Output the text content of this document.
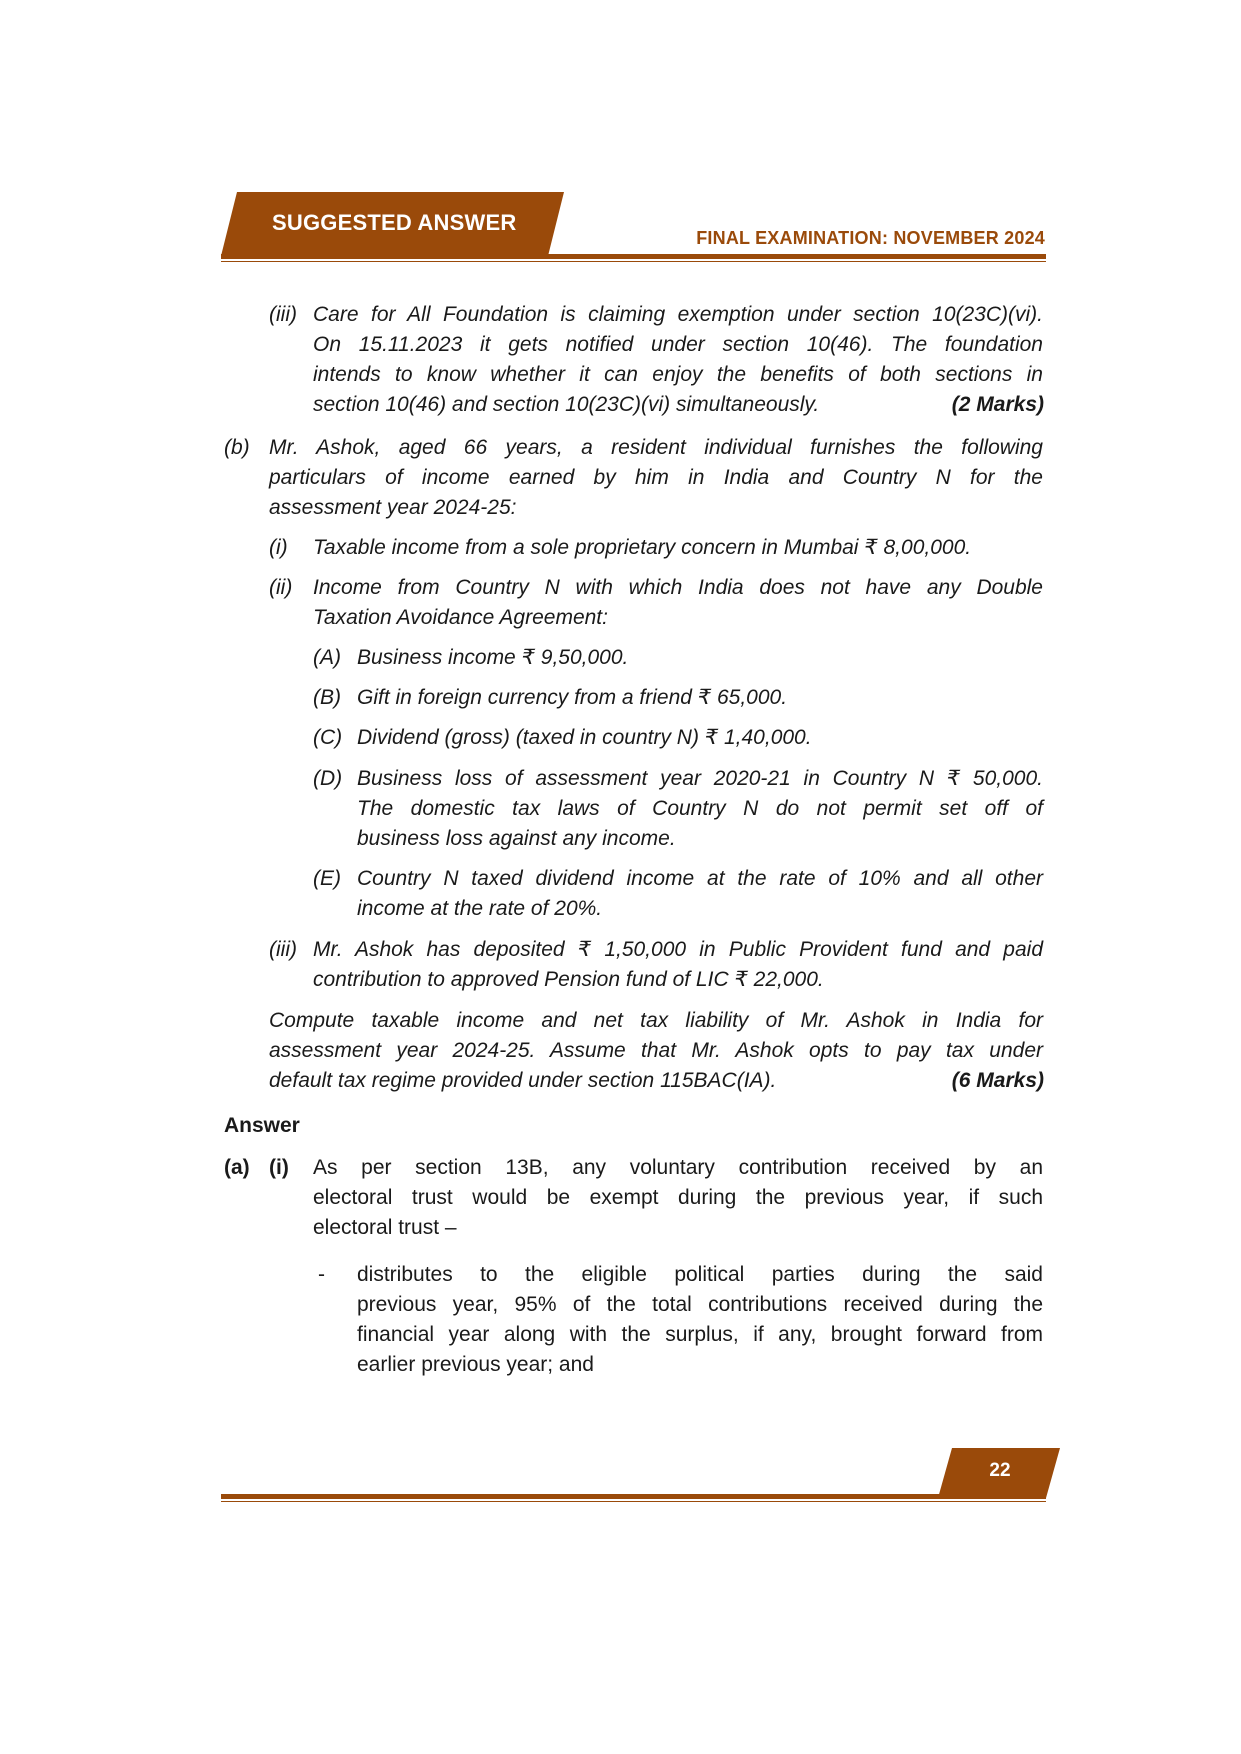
SUGGESTED ANSWER
FINAL EXAMINATION: NOVEMBER 2024
(iii) Care for All Foundation is claiming exemption under section 10(23C)(vi).
On 15.11.2023 it gets notified under section 10(46). The foundation
intends to know whether it can enjoy the benefits of both sections in
section 10(46) and section 10(23C)(vi) simultaneously.	(2 Marks)
(b) Mr. Ashok, aged 66 years, a resident individual furnishes the following
particulars of income earned by him in India and Country N for the
assessment year 2024-25:
(i) Taxable income from a sole proprietary concern in Mumbai ₹ 8,00,000.
(ii) Income from Country N with which India does not have any Double
Taxation Avoidance Agreement:
(A) Business income ₹ 9,50,000.
(B) Gift in foreign currency from a friend ₹ 65,000.
(C) Dividend (gross) (taxed in country N) ₹ 1,40,000.
(D) Business loss of assessment year 2020-21 in Country N ₹ 50,000.
The domestic tax laws of Country N do not permit set off of
business loss against any income.
(E) Country N taxed dividend income at the rate of 10% and all other
income at the rate of 20%.
(iii) Mr. Ashok has deposited ₹ 1,50,000 in Public Provident fund and paid
contribution to approved Pension fund of LIC ₹ 22,000.
Compute taxable income and net tax liability of Mr. Ashok in India for
assessment year 2024-25. Assume that Mr. Ashok opts to pay tax under
default tax regime provided under section 115BAC(IA).	(6 Marks)
Answer
(a) (i) As per section 13B, any voluntary contribution received by an
electoral trust would be exempt during the previous year, if such
electoral trust –
- distributes to the eligible political parties during the said
previous year, 95% of the total contributions received during the
financial year along with the surplus, if any, brought forward from
earlier previous year; and
22
